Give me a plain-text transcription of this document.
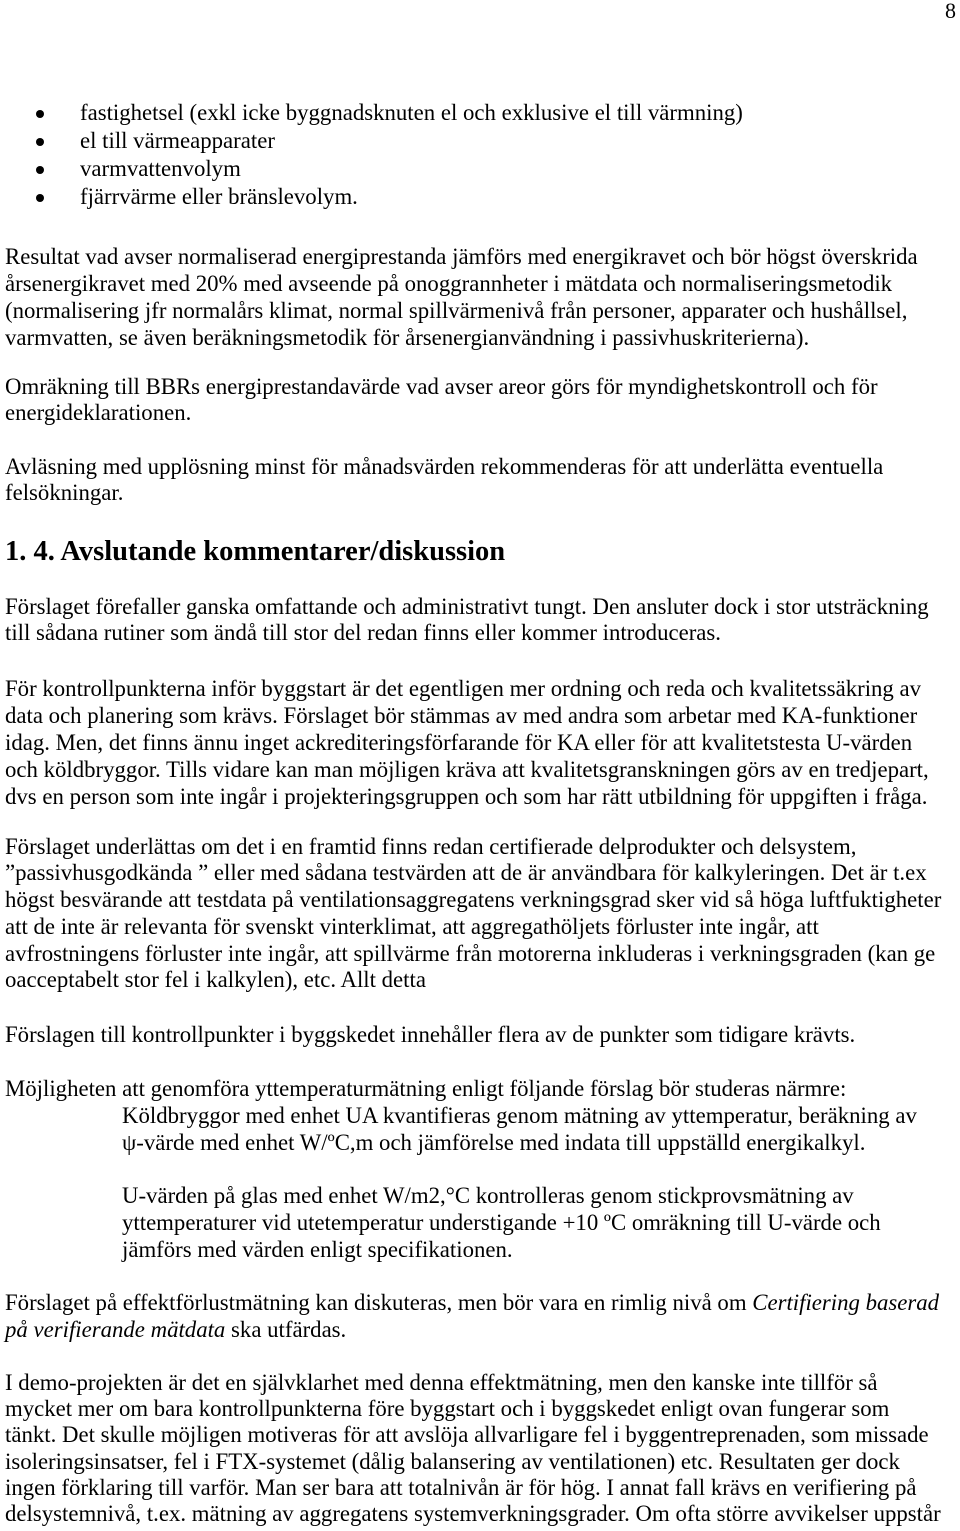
8
fastighetsel (exkl icke byggnadsknuten el och exklusive el till värmning)
el till värmeapparater
varmvattenvolym
fjärrvärme eller bränslevolym.
Resultat vad avser normaliserad energiprestanda jämförs med energikravet och bör högst överskrida
årsenergikravet med 20% med avseende på onoggrannheter i mätdata och normaliseringsmetodik
(normalisering jfr normalårs klimat, normal spillvärmenivå från personer, apparater och hushållsel,
varmvatten, se även beräkningsmetodik för årsenergianvändning i passivhuskriterierna).
Omräkning till BBRs energiprestandavärde vad avser areor görs för myndighetskontroll och för
energideklarationen.
Avläsning med upplösning minst för månadsvärden rekommenderas för att underlätta eventuella
felsökningar.
1. 4. Avslutande kommentarer/diskussion
Förslaget förefaller ganska omfattande och administrativt tungt. Den ansluter dock i stor utsträckning
till sådana rutiner som ändå till stor del redan finns eller kommer introduceras.
För kontrollpunkterna inför byggstart är det egentligen mer ordning och reda och kvalitetssäkring av
data och planering som krävs. Förslaget bör stämmas av med andra som arbetar med KA-funktioner
idag. Men, det finns ännu inget ackrediteringsförfarande för KA eller för att kvalitetstesta U-värden
och köldbryggor. Tills vidare kan man möjligen kräva att kvalitetsgranskningen görs av en tredjepart,
dvs en person som inte ingår i projekteringsgruppen och som har rätt utbildning för uppgiften i fråga.
Förslaget underlättas om det i en framtid finns redan certifierade delprodukter och delsystem,
”passivhusgodkända ” eller med sådana testvärden att de är användbara för kalkyleringen. Det är t.ex
högst besvärande att testdata på ventilationsaggregatens verkningsgrad sker vid så höga luftfuktigheter
att de inte är relevanta för svenskt vinterklimat, att aggregathöljets förluster inte ingår, att
avfrostningens förluster inte ingår, att spillvärme från motorerna inkluderas i verkningsgraden (kan ge
oacceptabelt stor fel i kalkylen), etc. Allt detta
Förslagen till kontrollpunkter i byggskedet innehåller flera av de punkter som tidigare krävts.
Möjligheten att genomföra yttemperaturmätning enligt följande förslag bör studeras närmre:
Köldbryggor med enhet UA kvantifieras genom mätning av yttemperatur, beräkning av
ψ-värde med enhet W/ºC,m och jämförelse med indata till uppställd energikalkyl.
U-värden på glas med enhet W/m2,°C kontrolleras genom stickprovsmätning av
yttemperaturer vid utetemperatur understigande +10 ºC omräkning till U-värde och
jämförs med värden enligt specifikationen.
Förslaget på effektförlustmätning kan diskuteras, men bör vara en rimlig nivå om Certifiering baserad
på verifierande mätdata ska utfärdas.
I demo-projekten är det en självklarhet med denna effektmätning, men den kanske inte tillför så
mycket mer om bara kontrollpunkterna före byggstart och i byggskedet enligt ovan fungerar som
tänkt. Det skulle möjligen motiveras för att avslöja allvarligare fel i byggentreprenaden, som missade
isoleringsinsatser, fel i FTX-systemet (dålig balansering av ventilationen) etc. Resultaten ger dock
ingen förklaring till varför. Man ser bara att totalnivån är för hög. I annat fall krävs en verifiering på
delsystemnivå, t.ex. mätning av aggregatens systemverkningsgrader. Om ofta större avvikelser uppstår
